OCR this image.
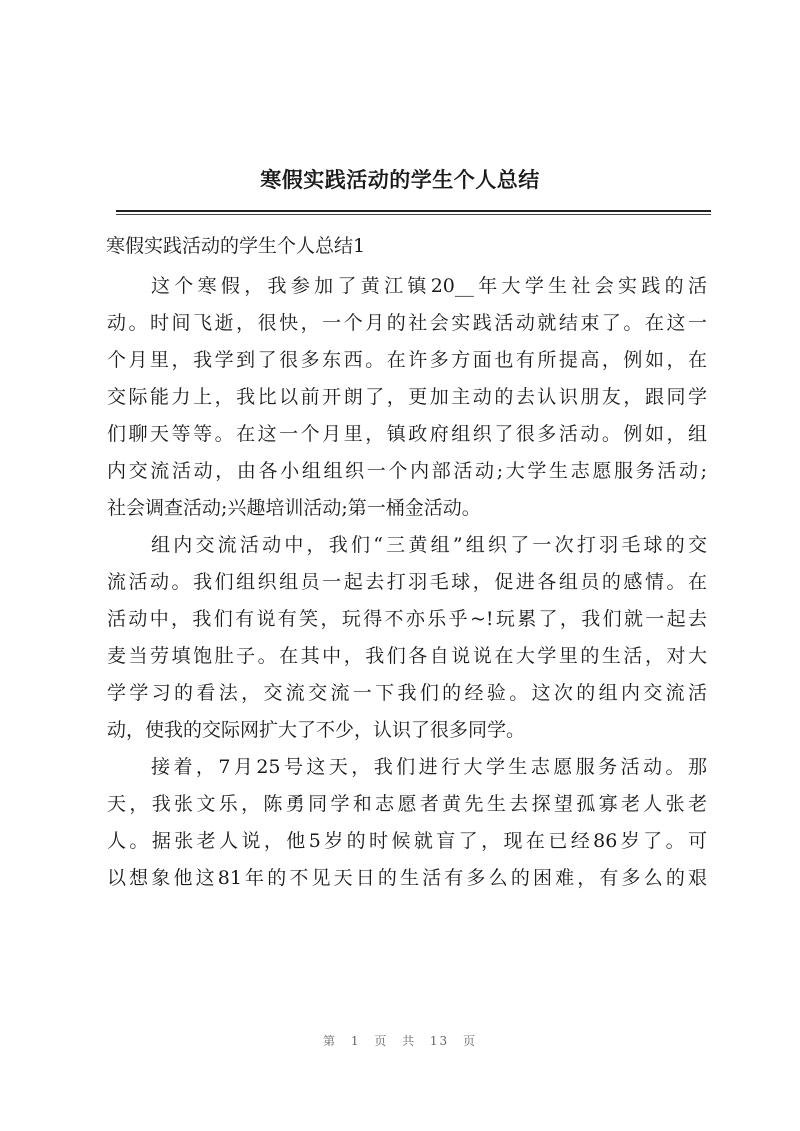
寒假实践活动的学生个人总结

寒假实践活动的学生个人总结1

这个寒假，我参加了黄江镇20__年大学生社会实践的活
动。时间飞逝，很快，一个月的社会实践活动就结束了。在这一
个月里，我学到了很多东西。在许多方面也有所提高，例如，在
交际能力上，我比以前开朗了，更加主动的去认识朋友，跟同学
们聊天等等。在这一个月里，镇政府组织了很多活动。例如，组
内交流活动，由各小组组织一个内部活动;大学生志愿服务活动;
社会调查活动;兴趣培训活动;第一桶金活动。

组内交流活动中，我们“三黄组”组织了一次打羽毛球的交
流活动。我们组织组员一起去打羽毛球，促进各组员的感情。在
活动中，我们有说有笑，玩得不亦乐乎~!玩累了，我们就一起去
麦当劳填饱肚子。在其中，我们各自说说在大学里的生活，对大
学学习的看法，交流交流一下我们的经验。这次的组内交流活
动，使我的交际网扩大了不少，认识了很多同学。

接着，7月25号这天，我们进行大学生志愿服务活动。那
天，我张文乐，陈勇同学和志愿者黄先生去探望孤寡老人张老
人。据张老人说，他5岁的时候就盲了，现在已经86岁了。可
以想象他这81年的不见天日的生活有多么的困难，有多么的艰

第 1 页 共 13 页
